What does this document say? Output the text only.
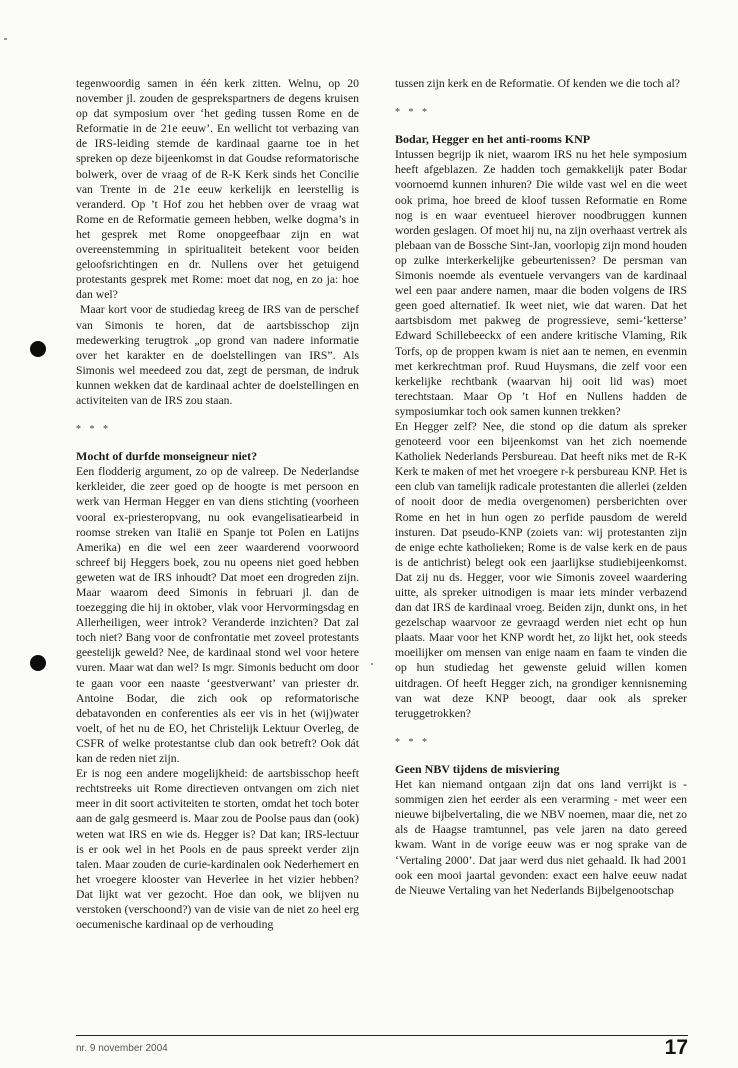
tegenwoordig samen in één kerk zitten. Welnu, op 20 november jl. zouden de gesprekspartners de degens kruisen op dat symposium over ‘het geding tussen Rome en de Reformatie in de 21e eeuw’. En wellicht tot verbazing van de IRS-leiding stemde de kardinaal gaarne toe in het spreken op deze bijeenkomst in dat Goudse reformatorische bolwerk, over de vraag of de R-K Kerk sinds het Concilie van Trente in de 21e eeuw kerkelijk en leerstellig is veranderd. Op ’t Hof zou het hebben over de vraag wat Rome en de Reformatie gemeen hebben, welke dogma’s in het gesprek met Rome onopgeefbaar zijn en wat overeenstemming in spiritualiteit betekent voor beiden geloofsrichtingen en dr. Nullens over het getuigend protestants gesprek met Rome: moet dat nog, en zo ja: hoe dan wel?

Maar kort voor de studiedag kreeg de IRS van de perschef van Simonis te horen, dat de aartsbisschop zijn medewerking terugtrok „op grond van nadere informatie over het karakter en de doelstellingen van IRS”. Als Simonis wel meedeed zou dat, zegt de persman, de indruk kunnen wekken dat de kardinaal achter de doelstellingen en activiteiten van de IRS zou staan.

* * *

Mocht of durfde monseigneur niet?

Een flodderig argument, zo op de valreep. De Nederlandse kerkleider, die zeer goed op de hoogte is met persoon en werk van Herman Hegger en van diens stichting (voorheen vooral ex-priesteropvang, nu ook evangelisatiearbeid in roomse streken van Italië en Spanje tot Polen en Latijns Amerika) en die wel een zeer waarderend voorwoord schreef bij Heggers boek, zou nu opeens niet goed hebben geweten wat de IRS inhoudt? Dat moet een drogreden zijn. Maar waarom deed Simonis in februari jl. dan de toezegging die hij in oktober, vlak voor Hervormingsdag en Allerheiligen, weer introk? Veranderde inzichten? Dat zal toch niet? Bang voor de confrontatie met zoveel protestants geestelijk geweld? Nee, de kardinaal stond wel voor hetere vuren. Maar wat dan wel? Is mgr. Simonis beducht om door te gaan voor een naaste ‘geestverwant’ van priester dr. Antoine Bodar, die zich ook op reformatorische debatavonden en conferenties als eer vis in het (wij)water voelt, of het nu de EO, het Christelijk Lektuur Overleg, de CSFR of welke protestantse club dan ook betreft? Ook dát kan de reden niet zijn.

Er is nog een andere mogelijkheid: de aartsbisschop heeft rechtstreeks uit Rome directieven ontvangen om zich niet meer in dit soort activiteiten te storten, omdat het toch boter aan de galg gesmeerd is. Maar zou de Poolse paus dan (ook) weten wat IRS en wie ds. Hegger is? Dat kan; IRS-lectuur is er ook wel in het Pools en de paus spreekt verder zijn talen. Maar zouden de curie-kardinalen ook Nederhemert en het vroegere klooster van Heverlee in het vizier hebben? Dat lijkt wat ver gezocht. Hoe dan ook, we blijven nu verstoken (verschoond?) van de visie van de niet zo heel erg oecumenische kardinaal op de verhouding

tussen zijn kerk en de Reformatie. Of kenden we die toch al?

* * *

Bodar, Hegger en het anti-rooms KNP

Intussen begrijp ik niet, waarom IRS nu het hele symposium heeft afgeblazen. Ze hadden toch gemakkelijk pater Bodar voornoemd kunnen inhuren? Die wilde vast wel en die weet ook prima, hoe breed de kloof tussen Reformatie en Rome nog is en waar eventueel hierover noodbruggen kunnen worden geslagen. Of moet hij nu, na zijn overhaast vertrek als plebaan van de Bossche Sint-Jan, voorlopig zijn mond houden op zulke interkerkelijke gebeurtenissen? De persman van Simonis noemde als eventuele vervangers van de kardinaal wel een paar andere namen, maar die boden volgens de IRS geen goed alternatief. Ik weet niet, wie dat waren. Dat het aartsbisdom met pakweg de progressieve, semi-‘ketterse’ Edward Schillebeeckx of een andere kritische Vlaming, Rik Torfs, op de proppen kwam is niet aan te nemen, en evenmin met kerkrechtman prof. Ruud Huysmans, die zelf voor een kerkelijke rechtbank (waarvan hij ooit lid was) moet terechtstaan. Maar Op ’t Hof en Nullens hadden de symposiumkar toch ook samen kunnen trekken?

En Hegger zelf? Nee, die stond op die datum als spreker genoteerd voor een bijeenkomst van het zich noemende Katholiek Nederlands Persbureau. Dat heeft niks met de R-K Kerk te maken of met het vroegere r-k persbureau KNP. Het is een club van tamelijk radicale protestanten die allerlei (zelden of nooit door de media overgenomen) persberichten over Rome en het in hun ogen zo perfide pausdom de wereld insturen. Dat pseudo-KNP (zoiets van: wij protestanten zijn de enige echte katholieken; Rome is de valse kerk en de paus is de antichrist) belegt ook een jaarlijkse studiebijeenkomst. Dat zij nu ds. Hegger, voor wie Simonis zoveel waardering uitte, als spreker uitnodigen is maar iets minder verbazend dan dat IRS de kardinaal vroeg. Beiden zijn, dunkt ons, in het gezelschap waarvoor ze gevraagd werden niet echt op hun plaats. Maar voor het KNP wordt het, zo lijkt het, ook steeds moeilijker om mensen van enige naam en faam te vinden die op hun studiedag het gewenste geluid willen komen uitdragen. Of heeft Hegger zich, na grondiger kennisneming van wat deze KNP beoogt, daar ook als spreker teruggetrokken?

* * *

Geen NBV tijdens de misviering

Het kan niemand ontgaan zijn dat ons land verrijkt is - sommigen zien het eerder als een verarming - met weer een nieuwe bijbelvertaling, die we NBV noemen, maar die, net zo als de Haagse tramtunnel, pas vele jaren na dato gereed kwam. Want in de vorige eeuw was er nog sprake van de ‘Vertaling 2000’. Dat jaar werd dus niet gehaald. Ik had 2001 ook een mooi jaartal gevonden: exact een halve eeuw nadat de Nieuwe Vertaling van het Nederlands Bijbelgenootschap

nr. 9 november 2004	17
